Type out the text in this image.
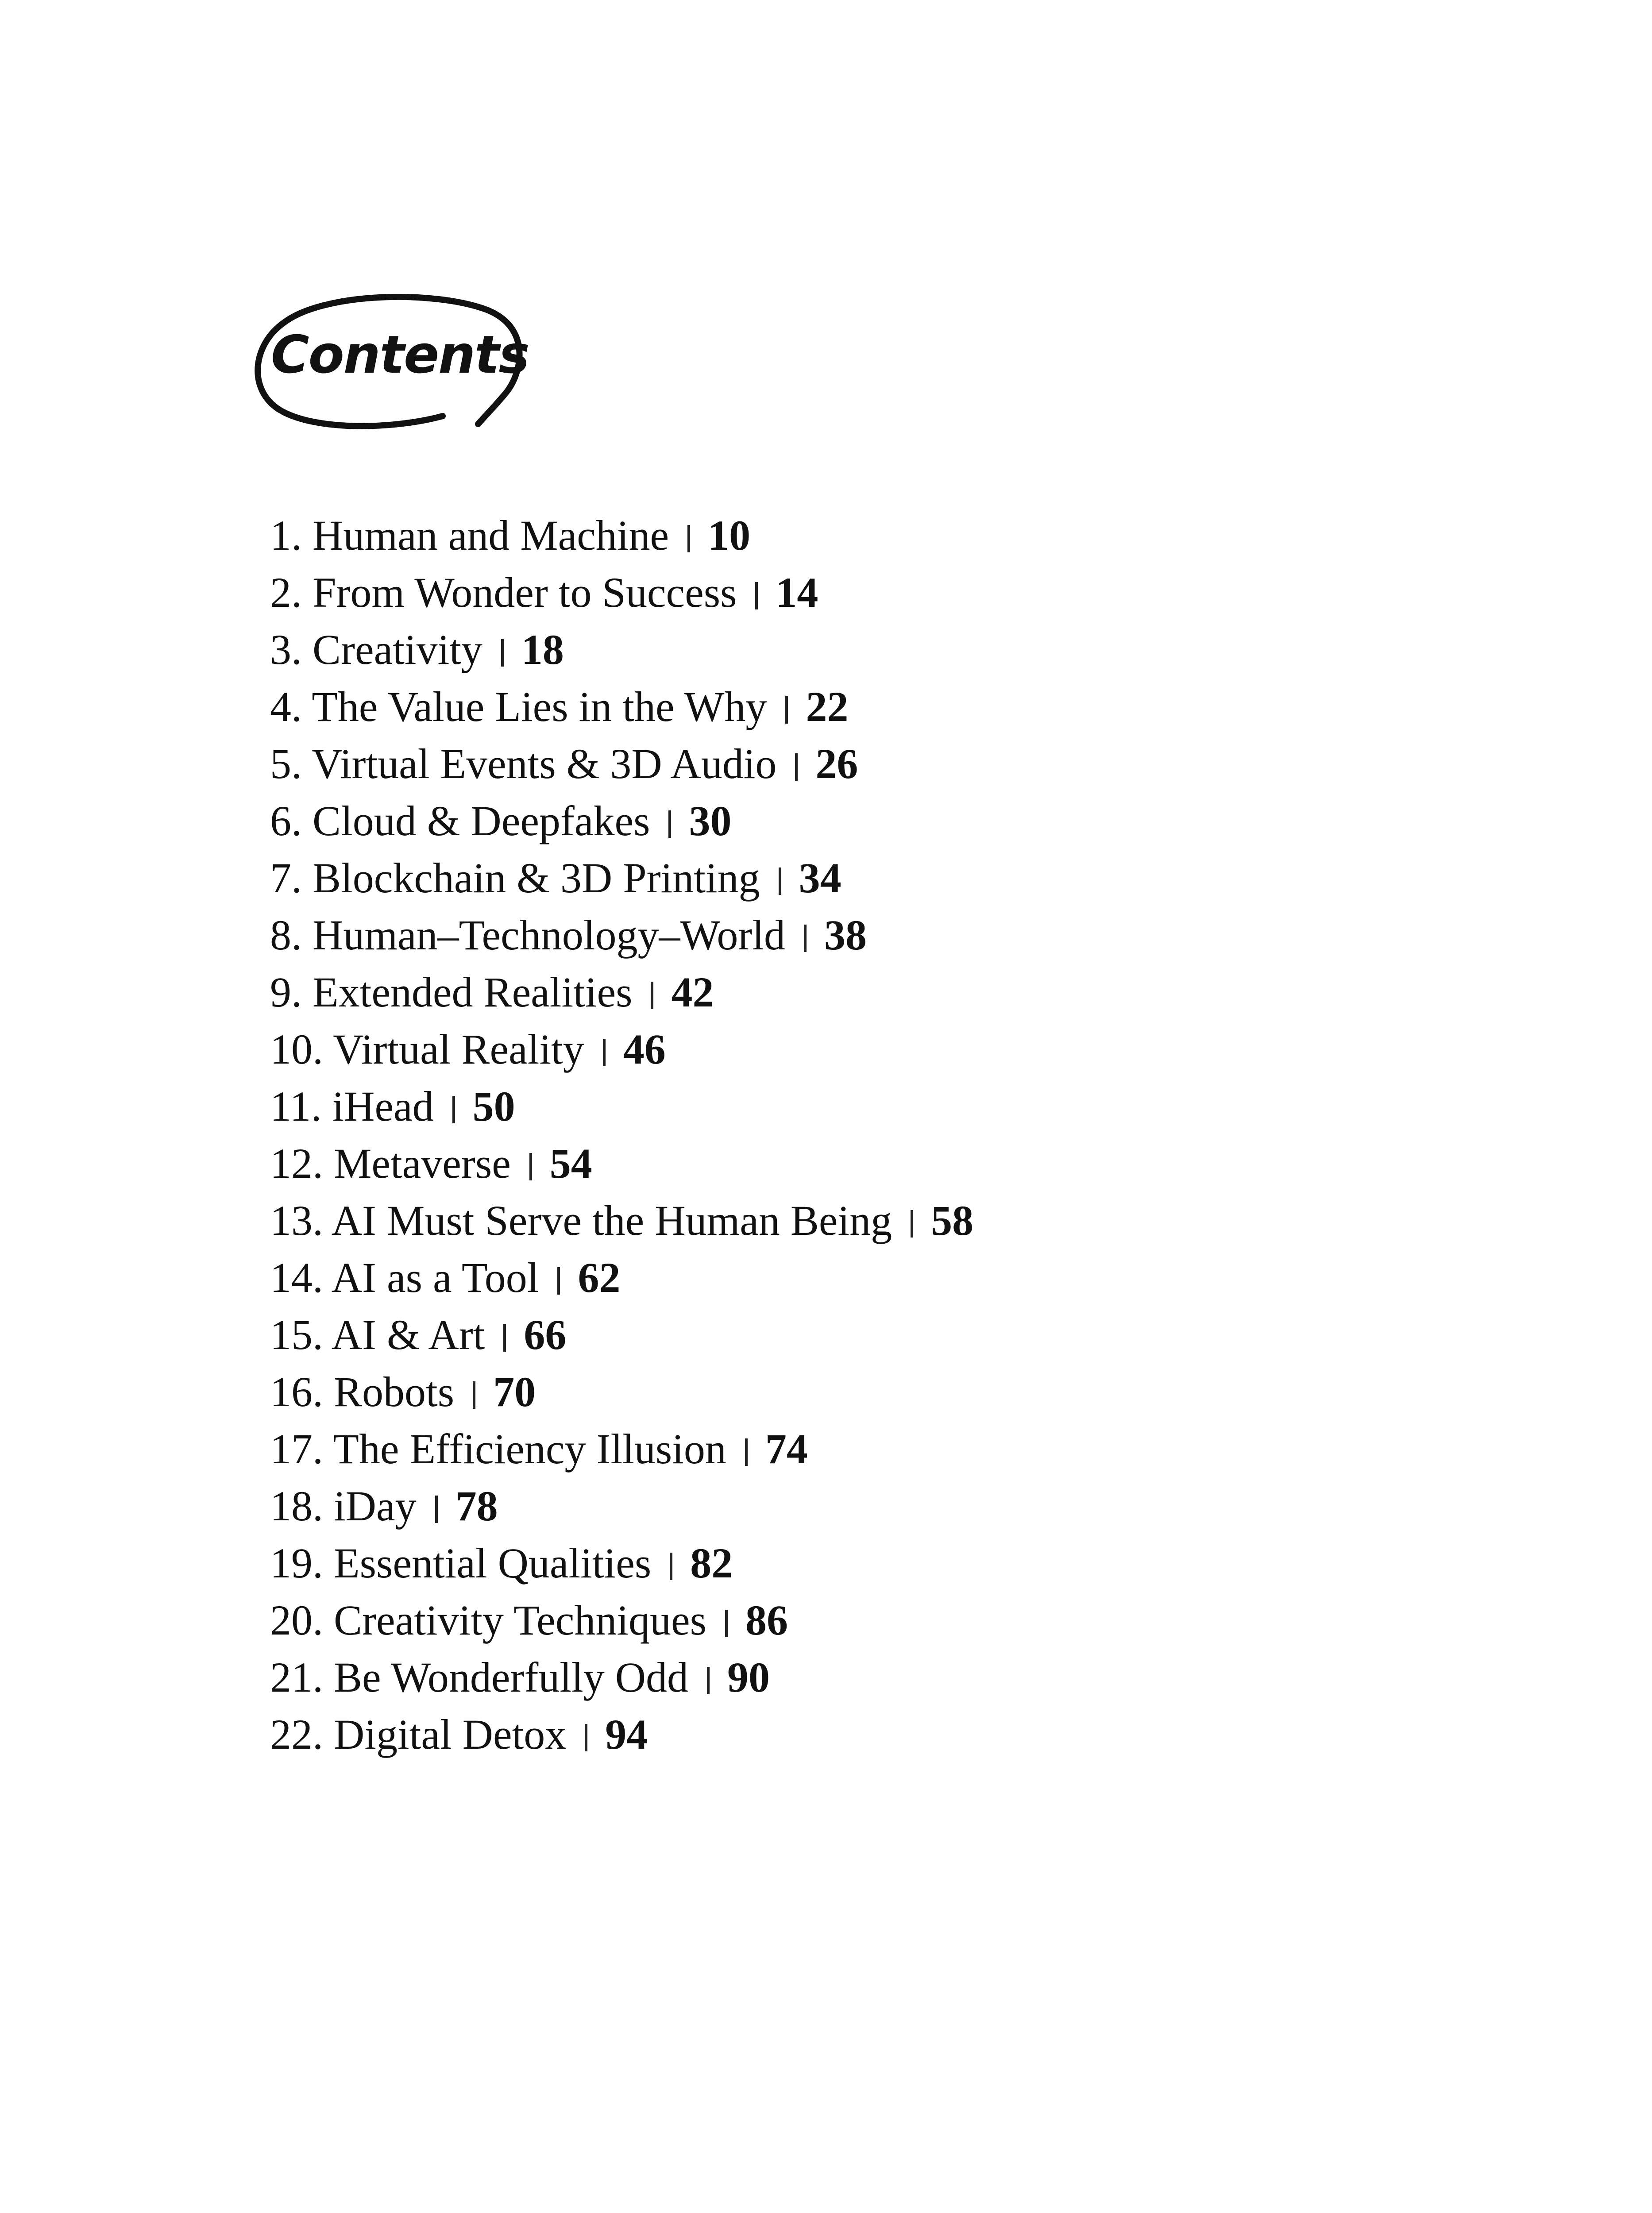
Contents
1. Human and Machine 10
2. From Wonder to Success 14
3. Creativity 18
4. The Value Lies in the Why 22
5. Virtual Events & 3D Audio 26
6. Cloud & Deepfakes 30
7. Blockchain & 3D Printing 34
8. Human–Technology–World 38
9. Extended Realities 42
10. Virtual Reality 46
11. iHead 50
12. Metaverse 54
13. AI Must Serve the Human Being 58
14. AI as a Tool 62
15. AI & Art 66
16. Robots 70
17. The Efficiency Illusion 74
18. iDay 78
19. Essential Qualities 82
20. Creativity Techniques 86
21. Be Wonderfully Odd 90
22. Digital Detox 94
